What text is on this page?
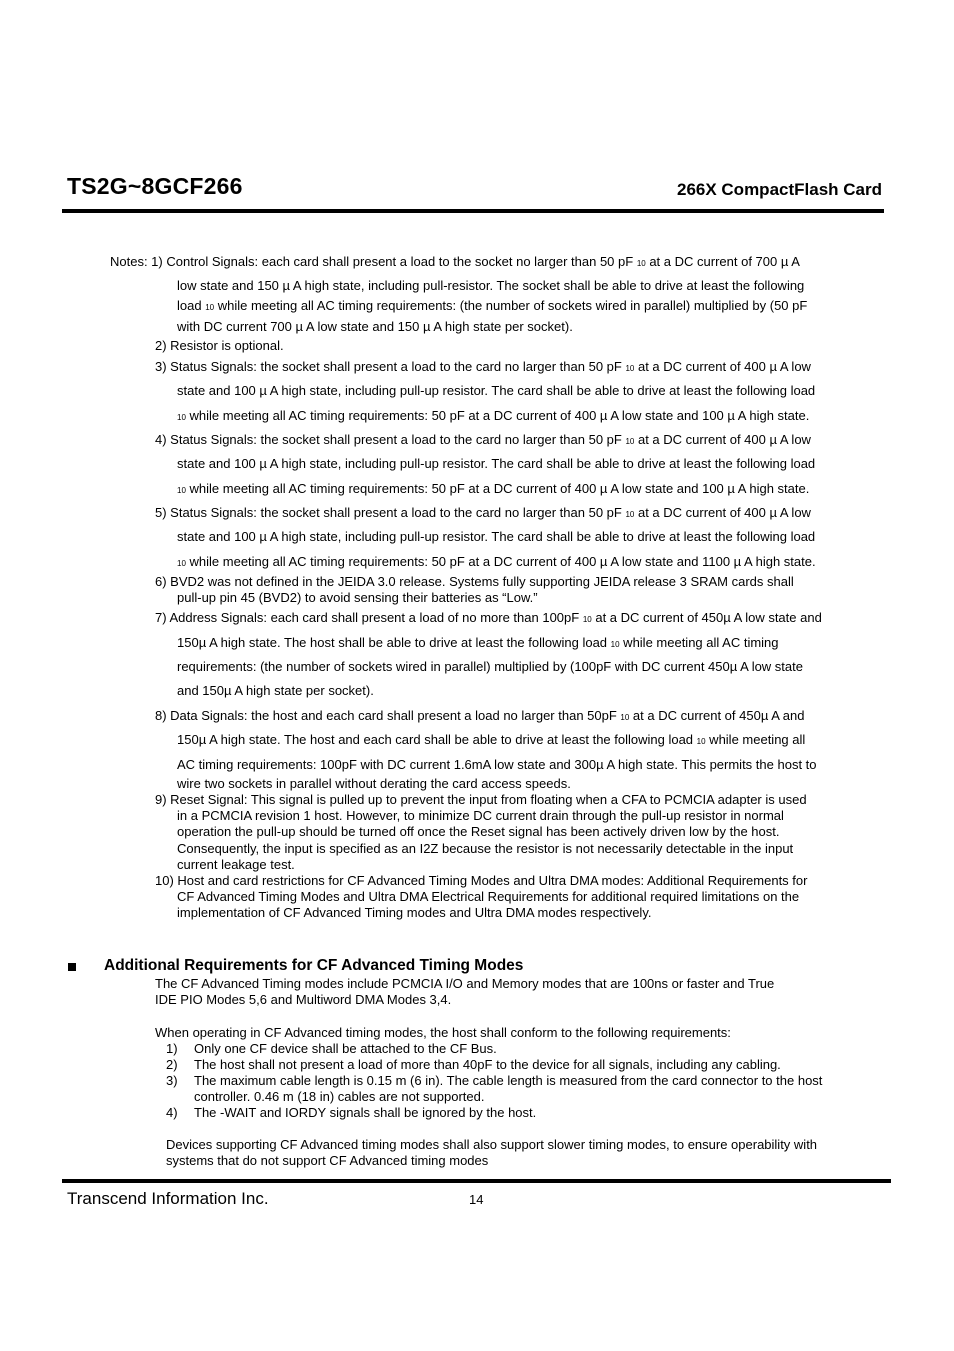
TS2G~8GCF266	266X CompactFlash Card
Notes: 1) Control Signals: each card shall present a load to the socket no larger than 50 pF 10 at a DC current of 700 µ A
low state and 150 µ A high state, including pull-resistor. The socket shall be able to drive at least the following
load 10 while meeting all AC timing requirements: (the number of sockets wired in parallel) multiplied by (50 pF
with DC current 700 µ A low state and 150 µ A high state per socket).
2) Resistor is optional.
3) Status Signals: the socket shall present a load to the card no larger than 50 pF 10 at a DC current of 400 µ A low
state and 100 µ A high state, including pull-up resistor. The card shall be able to drive at least the following load
10 while meeting all AC timing requirements: 50 pF at a DC current of 400 µ A low state and 100 µ A high state.
4) Status Signals: the socket shall present a load to the card no larger than 50 pF 10 at a DC current of 400 µ A low
state and 100 µ A high state, including pull-up resistor. The card shall be able to drive at least the following load
10 while meeting all AC timing requirements: 50 pF at a DC current of 400 µ A low state and 100 µ A high state.
5) Status Signals: the socket shall present a load to the card no larger than 50 pF 10 at a DC current of 400 µ A low
state and 100 µ A high state, including pull-up resistor. The card shall be able to drive at least the following load
10 while meeting all AC timing requirements: 50 pF at a DC current of 400 µ A low state and 1100 µ A high state.
6) BVD2 was not defined in the JEIDA 3.0 release. Systems fully supporting JEIDA release 3 SRAM cards shall
pull-up pin 45 (BVD2) to avoid sensing their batteries as “Low.”
7) Address Signals: each card shall present a load of no more than 100pF 10 at a DC current of 450µ A low state and
150µ A high state. The host shall be able to drive at least the following load 10 while meeting all AC timing
requirements: (the number of sockets wired in parallel) multiplied by (100pF with DC current 450µ A low state
and 150µ A high state per socket).
8) Data Signals: the host and each card shall present a load no larger than 50pF 10 at a DC current of 450µ A and
150µ A high state. The host and each card shall be able to drive at least the following load 10 while meeting all
AC timing requirements: 100pF with DC current 1.6mA low state and 300µ A high state. This permits the host to
wire two sockets in parallel without derating the card access speeds.
9) Reset Signal: This signal is pulled up to prevent the input from floating when a CFA to PCMCIA adapter is used
in a PCMCIA revision 1 host. However, to minimize DC current drain through the pull-up resistor in normal
operation the pull-up should be turned off once the Reset signal has been actively driven low by the host.
Consequently, the input is specified as an I2Z because the resistor is not necessarily detectable in the input
current leakage test.
10) Host and card restrictions for CF Advanced Timing Modes and Ultra DMA modes: Additional Requirements for
CF Advanced Timing Modes and Ultra DMA Electrical Requirements for additional required limitations on the
implementation of CF Advanced Timing modes and Ultra DMA modes respectively.
Additional Requirements for CF Advanced Timing Modes
The CF Advanced Timing modes include PCMCIA I/O and Memory modes that are 100ns or faster and True
IDE PIO Modes 5,6 and Multiword DMA Modes 3,4.
When operating in CF Advanced timing modes, the host shall conform to the following requirements:
1) Only one CF device shall be attached to the CF Bus.
2) The host shall not present a load of more than 40pF to the device for all signals, including any cabling.
3) The maximum cable length is 0.15 m (6 in). The cable length is measured from the card connector to the host
controller. 0.46 m (18 in) cables are not supported.
4) The -WAIT and IORDY signals shall be ignored by the host.
Devices supporting CF Advanced timing modes shall also support slower timing modes, to ensure operability with
systems that do not support CF Advanced timing modes
Transcend Information Inc.	14
